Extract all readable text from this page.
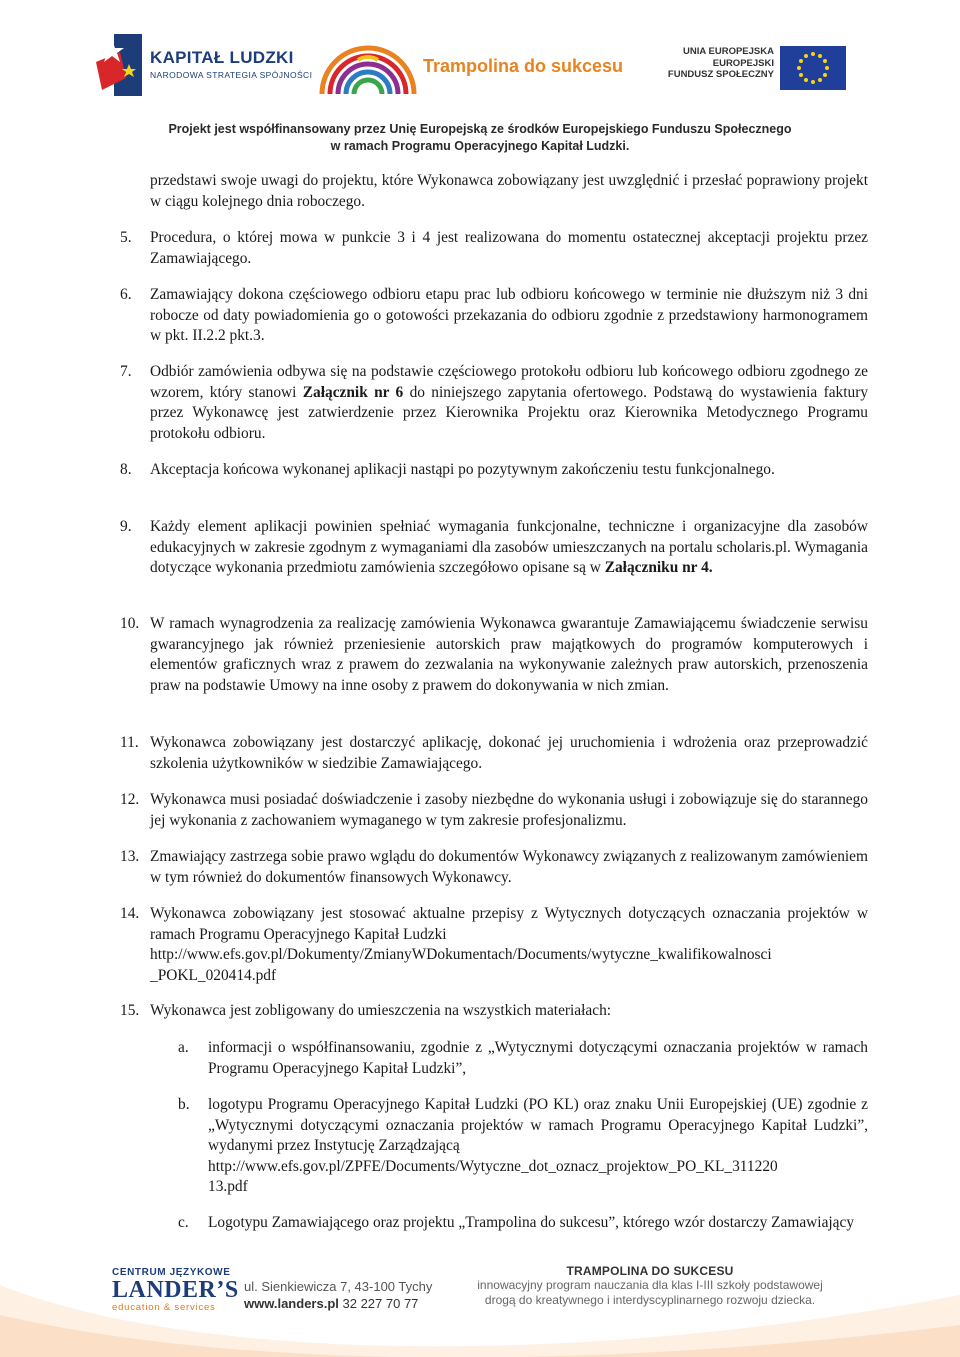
KAPITAŁ LUDZKI
NARODOWA STRATEGIA SPÓJNOŚCI	Trampolina do sukcesu
UNIA EUROPEJSKA
EUROPEJSKI
FUNDUSZ SPOŁECZNY
Projekt jest współfinansowany przez Unię Europejską ze środków Europejskiego Funduszu Społecznego
w ramach Programu Operacyjnego Kapitał Ludzki.
przedstawi swoje uwagi do projektu, które Wykonawca zobowiązany jest uwzględnić i przesłać poprawiony projekt w ciągu kolejnego dnia roboczego.
5. Procedura, o której mowa w punkcie 3 i 4 jest realizowana do momentu ostatecznej akceptacji projektu przez Zamawiającego.
6. Zamawiający dokona częściowego odbioru etapu prac lub odbioru końcowego w terminie nie dłuższym niż 3 dni robocze od daty powiadomienia go o gotowości przekazania do odbioru zgodnie z przedstawiony harmonogramem w pkt. II.2.2 pkt.3.
7. Odbiór zamówienia odbywa się na podstawie częściowego protokołu odbioru lub końcowego odbioru zgodnego ze wzorem, który stanowi Załącznik nr 6 do niniejszego zapytania ofertowego. Podstawą do wystawienia faktury przez Wykonawcę jest zatwierdzenie przez Kierownika Projektu oraz Kierownika Metodycznego Programu protokołu odbioru.
8. Akceptacja końcowa wykonanej aplikacji nastąpi po pozytywnym zakończeniu testu funkcjonalnego.
9. Każdy element aplikacji powinien spełniać wymagania funkcjonalne, techniczne i organizacyjne dla zasobów edukacyjnych w zakresie zgodnym z wymaganiami dla zasobów umieszczanych na portalu scholaris.pl. Wymagania dotyczące wykonania przedmiotu zamówienia szczegółowo opisane są w Załączniku nr 4.
10. W ramach wynagrodzenia za realizację zamówienia Wykonawca gwarantuje Zamawiającemu świadczenie serwisu gwarancyjnego jak również przeniesienie autorskich praw majątkowych do programów komputerowych i elementów graficznych wraz z prawem do zezwalania na wykonywanie zależnych praw autorskich, przenoszenia praw na podstawie Umowy na inne osoby z prawem do dokonywania w nich zmian.
11. Wykonawca zobowiązany jest dostarczyć aplikację, dokonać jej uruchomienia i wdrożenia oraz przeprowadzić szkolenia użytkowników w siedzibie Zamawiającego.
12. Wykonawca musi posiadać doświadczenie i zasoby niezbędne do wykonania usługi i zobowiązuje się do starannego jej wykonania z zachowaniem wymaganego w tym zakresie profesjonalizmu.
13. Zmawiający zastrzega sobie prawo wglądu do dokumentów Wykonawcy związanych z realizowanym zamówieniem w tym również do dokumentów finansowych Wykonawcy.
14. Wykonawca zobowiązany jest stosować aktualne przepisy z Wytycznych dotyczących oznaczania projektów w ramach Programu Operacyjnego Kapitał Ludzki
http://www.efs.gov.pl/Dokumenty/ZmianyWDokumentach/Documents/wytyczne_kwalifikowalnosci
_POKL_020414.pdf
15. Wykonawca jest zobligowany do umieszczenia na wszystkich materiałach:
a. informacji o współfinansowaniu, zgodnie z „Wytycznymi dotyczącymi oznaczania projektów w ramach Programu Operacyjnego Kapitał Ludzki”,
b. logotypu Programu Operacyjnego Kapitał Ludzki (PO KL) oraz znaku Unii Europejskiej (UE) zgodnie z „Wytycznymi dotyczącymi oznaczania projektów w ramach Programu Operacyjnego Kapitał Ludzki”, wydanymi przez Instytucję Zarządzającą
http://www.efs.gov.pl/ZPFE/Documents/Wytyczne_dot_oznacz_projektow_PO_KL_311220
13.pdf
c. Logotypu Zamawiającego oraz projektu „Trampolina do sukcesu”, którego wzór dostarczy Zamawiający
CENTRUM JĘZYKOWE
LANDER’S
education & services
ul. Sienkiewicza 7, 43-100 Tychy
www.landers.pl 32 227 70 77
TRAMPOLINA DO SUKCESU
innowacyjny program nauczania dla klas I-III szkoły podstawowej
drogą do kreatywnego i interdyscyplinarnego rozwoju dziecka.
